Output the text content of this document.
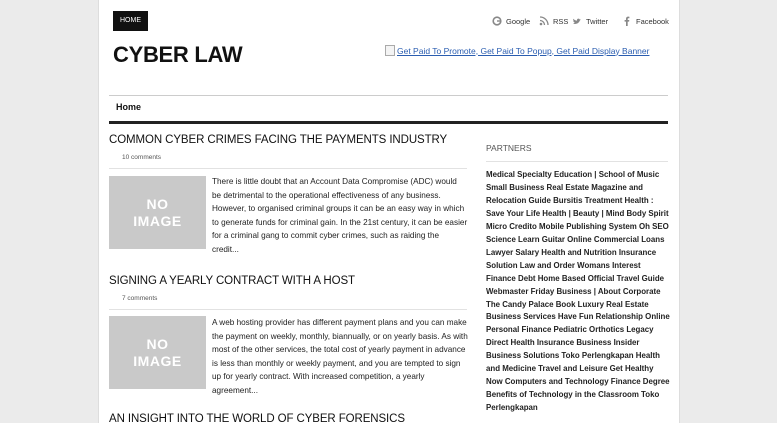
HOME	Google	RSS Twitter	Facebook
CYBER LAW	Get Paid To Promote, Get Paid To Popup, Get Paid Display Banner
Home
COMMON CYBER CRIMES FACING THE PAYMENTS INDUSTRY
10 comments
NO
IMAGE

There is little doubt that an Account Data Compromise (ADC) would be detrimental to the operational effectiveness of any business. However, to organised criminal groups it can be an easy way in which to generate funds for criminal gain. In the 21st century, it can be easier for a criminal gang to commit cyber crimes, such as raiding the credit...

SIGNING A YEARLY CONTRACT WITH A HOST
7 comments
NO
IMAGE

A web hosting provider has different payment plans and you can make the payment on weekly, monthly, biannually, or on yearly basis. As with most of the other services, the total cost of yearly payment in advance is less than monthly or weekly payment, and you are tempted to sign up for yearly contract. With increased competition, a yearly agreement...

AN INSIGHT INTO THE WORLD OF CYBER FORENSICS
PARTNERS
Medical Specialty Education | School of Music Small Business Real Estate Magazine and Relocation Guide Bursitis Treatment Health : Save Your Life Health | Beauty | Mind Body Spirit Micro Credito Mobile Publishing System Oh SEO Science Learn Guitar Online Commercial Loans Lawyer Salary Health and Nutrition Insurance Solution Law and Order Womans Interest Finance Debt Home Based Official Travel Guide Webmaster Friday Business | About Corporate The Candy Palace Book Luxury Real Estate Business Services Have Fun Relationship Online Personal Finance Pediatric Orthotics Legacy Direct Health Insurance Business Insider Business Solutions Toko Perlengkapan Health and Medicine Travel and Leisure Get Healthy Now Computers and Technology Finance Degree Benefits of Technology in the Classroom Toko Perlengkapan
